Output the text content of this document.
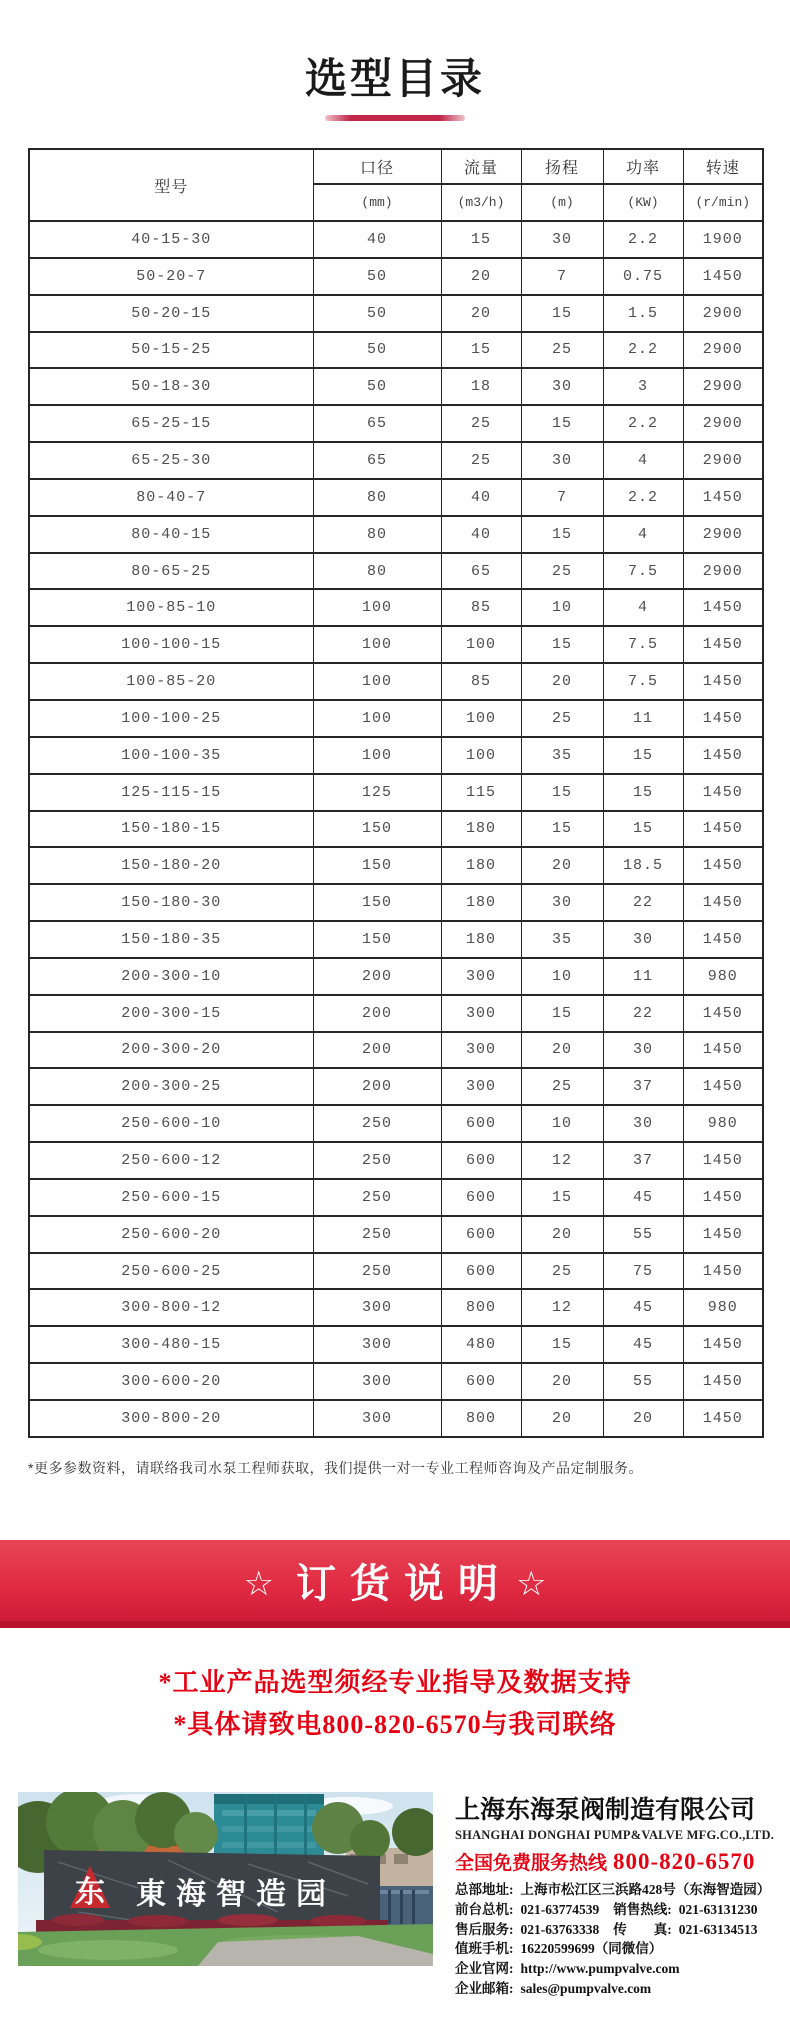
选型目录
型号	口径	流量	扬程	功率	转速
	(mm)	(m3/h)	(m)	(KW)	(r/min)
40-15-30	40	15	30	2.2	1900
50-20-7	50	20	7	0.75	1450
50-20-15	50	20	15	1.5	2900
50-15-25	50	15	25	2.2	2900
50-18-30	50	18	30	3	2900
65-25-15	65	25	15	2.2	2900
65-25-30	65	25	30	4	2900
80-40-7	80	40	7	2.2	1450
80-40-15	80	40	15	4	2900
80-65-25	80	65	25	7.5	2900
100-85-10	100	85	10	4	1450
100-100-15	100	100	15	7.5	1450
100-85-20	100	85	20	7.5	1450
100-100-25	100	100	25	11	1450
100-100-35	100	100	35	15	1450
125-115-15	125	115	15	15	1450
150-180-15	150	180	15	15	1450
150-180-20	150	180	20	18.5	1450
150-180-30	150	180	30	22	1450
150-180-35	150	180	35	30	1450
200-300-10	200	300	10	11	980
200-300-15	200	300	15	22	1450
200-300-20	200	300	20	30	1450
200-300-25	200	300	25	37	1450
250-600-10	250	600	10	30	980
250-600-12	250	600	12	37	1450
250-600-15	250	600	15	45	1450
250-600-20	250	600	20	55	1450
250-600-25	250	600	25	75	1450
300-800-12	300	800	12	45	980
300-480-15	300	480	15	45	1450
300-600-20	300	600	20	55	1450
300-800-20	300	800	20	20	1450

*更多参数资料，请联络我司水泵工程师获取，我们提供一对一专业工程师咨询及产品定制服务。

☆ 订货说明 ☆
*工业产品选型须经专业指导及数据支持
*具体请致电800-820-6570与我司联络
东 東海智造园
上海东海泵阀制造有限公司
SHANGHAI DONGHAI PUMP&VALVE MFG.CO.,LTD.
全国免费服务热线 800-820-6570
总部地址: 上海市松江区三浜路428号（东海智造园）
前台总机: 021-63774539 销售热线: 021-63131230
售后服务: 021-63763338 传　　真: 021-63134513
值班手机: 16220599699（同微信）
企业官网: http://www.pumpvalve.com
企业邮箱: sales@pumpvalve.com
